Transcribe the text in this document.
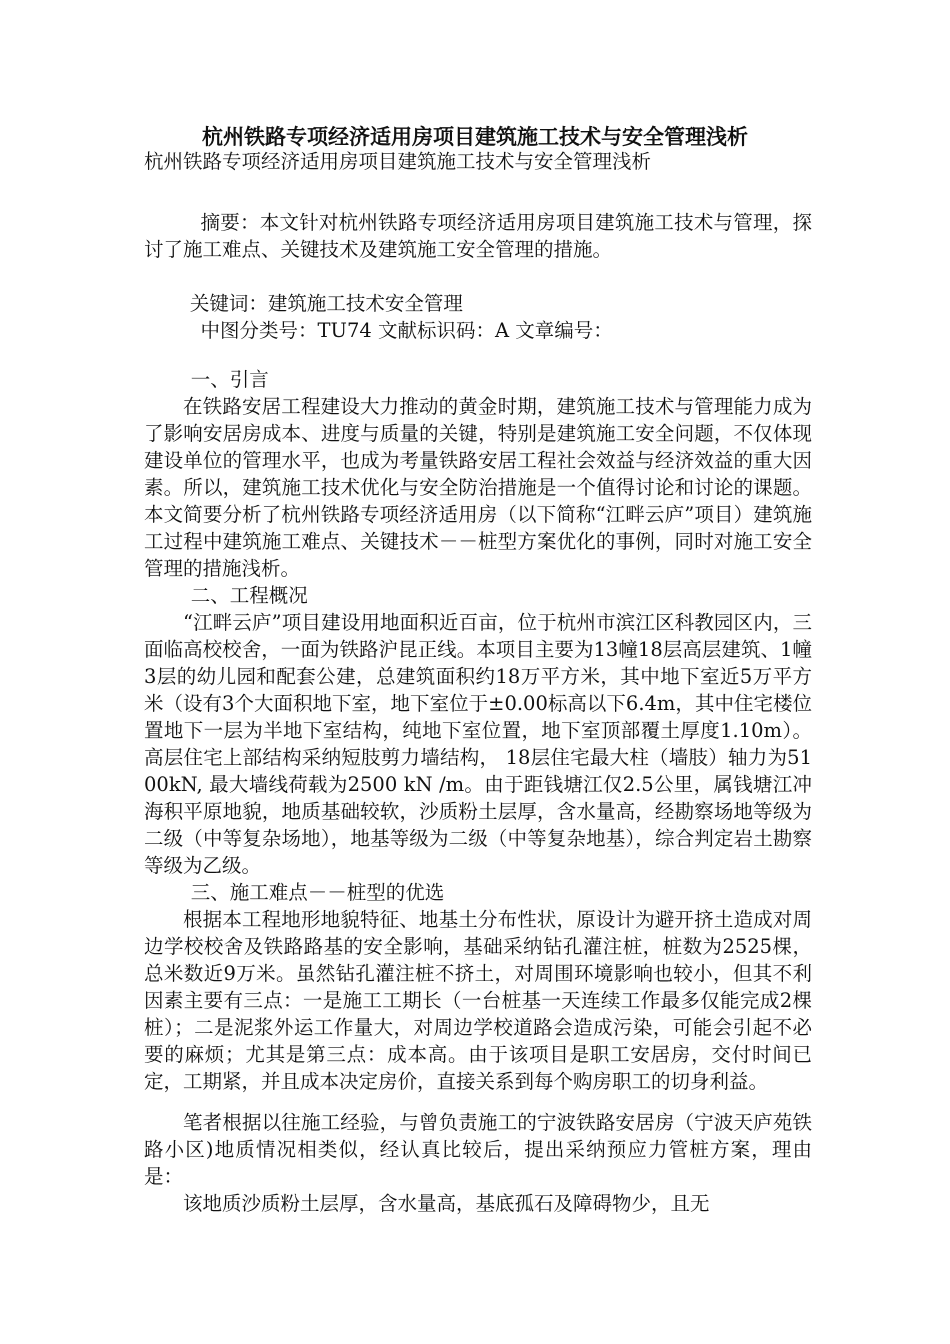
杭州铁路专项经济适用房项目建筑施工技术与安全管理浅析

杭州铁路专项经济适用房项目建筑施工技术与安全管理浅析

摘要：本文针对杭州铁路专项经济适用房项目建筑施工技术与管理，探讨了施工难点、关键技术及建筑施工安全管理的措施。

关键词：建筑施工技术安全管理

中图分类号：TU74 文献标识码：A 文章编号：

一、引言

在铁路安居工程建设大力推动的黄金时期，建筑施工技术与管理能力成为了影响安居房成本、进度与质量的关键，特别是建筑施工安全问题，不仅体现建设单位的管理水平，也成为考量铁路安居工程社会效益与经济效益的重大因素。所以，建筑施工技术优化与安全防治措施是一个值得讨论和讨论的课题。本文简要分析了杭州铁路专项经济适用房（以下简称“江畔云庐”项目）建筑施工过程中建筑施工难点、关键技术－－桩型方案优化的事例，同时对施工安全管理的措施浅析。

二、工程概况

“江畔云庐”项目建设用地面积近百亩，位于杭州市滨江区科教园区内，三面临高校校舍，一面为铁路沪昆正线。本项目主要为13幢18层高层建筑、1幢3层的幼儿园和配套公建，总建筑面积约18万平方米，其中地下室近5万平方米（设有3个大面积地下室，地下室位于±0.00标高以下6.4m，其中住宅楼位置地下一层为半地下室结构，纯地下室位置，地下室顶部覆土厚度1.10m）。高层住宅上部结构采纳短肢剪力墙结构， 18层住宅最大柱（墙肢）轴力为5100kN, 最大墙线荷载为2500 kN /m。由于距钱塘江仅2.5公里，属钱塘江冲海积平原地貌，地质基础较软，沙质粉土层厚，含水量高，经勘察场地等级为二级（中等复杂场地），地基等级为二级（中等复杂地基），综合判定岩土勘察等级为乙级。

三、施工难点－－桩型的优选

根据本工程地形地貌特征、地基土分布性状，原设计为避开挤土造成对周边学校校舍及铁路路基的安全影响，基础采纳钻孔灌注桩，桩数为2525棵，总米数近9万米。虽然钻孔灌注桩不挤土，对周围环境影响也较小，但其不利因素主要有三点：一是施工工期长（一台桩基一天连续工作最多仅能完成2棵桩）；二是泥浆外运工作量大，对周边学校道路会造成污染，可能会引起不必要的麻烦；尤其是第三点：成本高。由于该项目是职工安居房，交付时间已定，工期紧，并且成本决定房价，直接关系到每个购房职工的切身利益。

笔者根据以往施工经验，与曾负责施工的宁波铁路安居房（宁波天庐苑铁路小区)地质情况相类似，经认真比较后，提出采纳预应力管桩方案，理由是：

该地质沙质粉土层厚，含水量高，基底孤石及障碍物少，且无
